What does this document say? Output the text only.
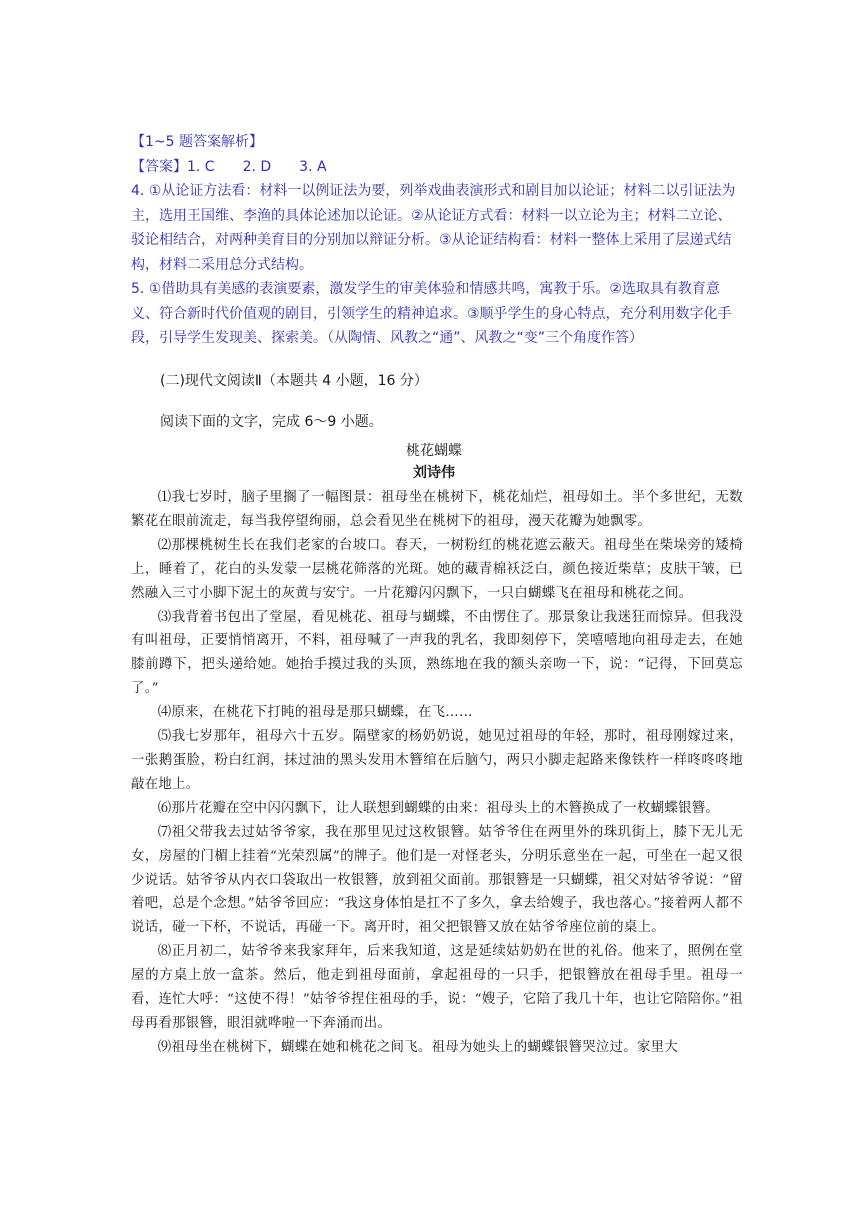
【1~5 题答案解析】

【答案】1. C　　2. D　　3. A

4. ①从论证方法看：材料一以例证法为要，列举戏曲表演形式和剧目加以论证；材料二以引证法为主，选用王国维、李渔的具体论述加以论证。②从论证方式看：材料一以立论为主；材料二立论、驳论相结合，对两种美育目的分别加以辩证分析。③从论证结构看：材料一整体上采用了层递式结构，材料二采用总分式结构。

5. ①借助具有美感的表演要素，激发学生的审美体验和情感共鸣，寓教于乐。②选取具有教育意义、符合新时代价值观的剧目，引领学生的精神追求。③顺乎学生的身心特点，充分利用数字化手段，引导学生发现美、探索美。（从陶情、风教之“通”、风教之“变”三个角度作答）

(二)现代文阅读Ⅱ（本题共 4 小题，16 分）
阅读下面的文字，完成 6～9 小题。
桃花蝴蝶
刘诗伟

⑴我七岁时，脑子里搁了一幅图景：祖母坐在桃树下，桃花灿烂，祖母如土。半个多世纪，无数繁花在眼前流走，每当我停望绚丽，总会看见坐在桃树下的祖母，漫天花瓣为她飘零。

⑵那棵桃树生长在我们老家的台坡口。春天，一树粉红的桃花遮云蔽天。祖母坐在柴垛旁的矮椅上，睡着了，花白的头发蒙一层桃花筛落的光斑。她的藏青棉袄泛白，颜色接近柴草；皮肤干皱，已然融入三寸小脚下泥土的灰黄与安宁。一片花瓣闪闪飘下，一只白蝴蝶飞在祖母和桃花之间。

⑶我背着书包出了堂屋，看见桃花、祖母与蝴蝶，不由愣住了。那景象让我迷狂而惊异。但我没有叫祖母，正要悄悄离开，不料，祖母喊了一声我的乳名，我即刻停下，笑嘻嘻地向祖母走去，在她膝前蹲下，把头递给她。她抬手摸过我的头顶，熟练地在我的额头亲吻一下，说：“记得，下回莫忘了。”

⑷原来，在桃花下打盹的祖母是那只蝴蝶，在飞……

⑸我七岁那年，祖母六十五岁。隔壁家的杨奶奶说，她见过祖母的年轻，那时，祖母刚嫁过来，一张鹅蛋脸，粉白红润，抹过油的黑头发用木簪绾在后脑勺，两只小脚走起路来像铁杵一样咚咚咚地敲在地上。

⑹那片花瓣在空中闪闪飘下，让人联想到蝴蝶的由来：祖母头上的木簪换成了一枚蝴蝶银簪。

⑺祖父带我去过姑爷爷家，我在那里见过这枚银簪。姑爷爷住在两里外的珠玑街上，膝下无儿无女，房屋的门楣上挂着“光荣烈属”的牌子。他们是一对怪老头，分明乐意坐在一起，可坐在一起又很少说话。姑爷爷从内衣口袋取出一枚银簪，放到祖父面前。那银簪是一只蝴蝶，祖父对姑爷爷说：“留着吧，总是个念想。”姑爷爷回应：“我这身体怕是扛不了多久，拿去给嫂子，我也落心。”接着两人都不说话，碰一下杯，不说话，再碰一下。离开时，祖父把银簪又放在姑爷爷座位前的桌上。

⑻正月初二，姑爷爷来我家拜年，后来我知道，这是延续姑奶奶在世的礼俗。他来了，照例在堂屋的方桌上放一盒茶。然后，他走到祖母面前，拿起祖母的一只手，把银簪放在祖母手里。祖母一看，连忙大呼：“这使不得！”姑爷爷捏住祖母的手，说：“嫂子，它陪了我几十年，也让它陪陪你。”祖母再看那银簪，眼泪就哗啦一下奔涌而出。

⑼祖母坐在桃树下，蝴蝶在她和桃花之间飞。祖母为她头上的蝴蝶银簪哭泣过。家里大
